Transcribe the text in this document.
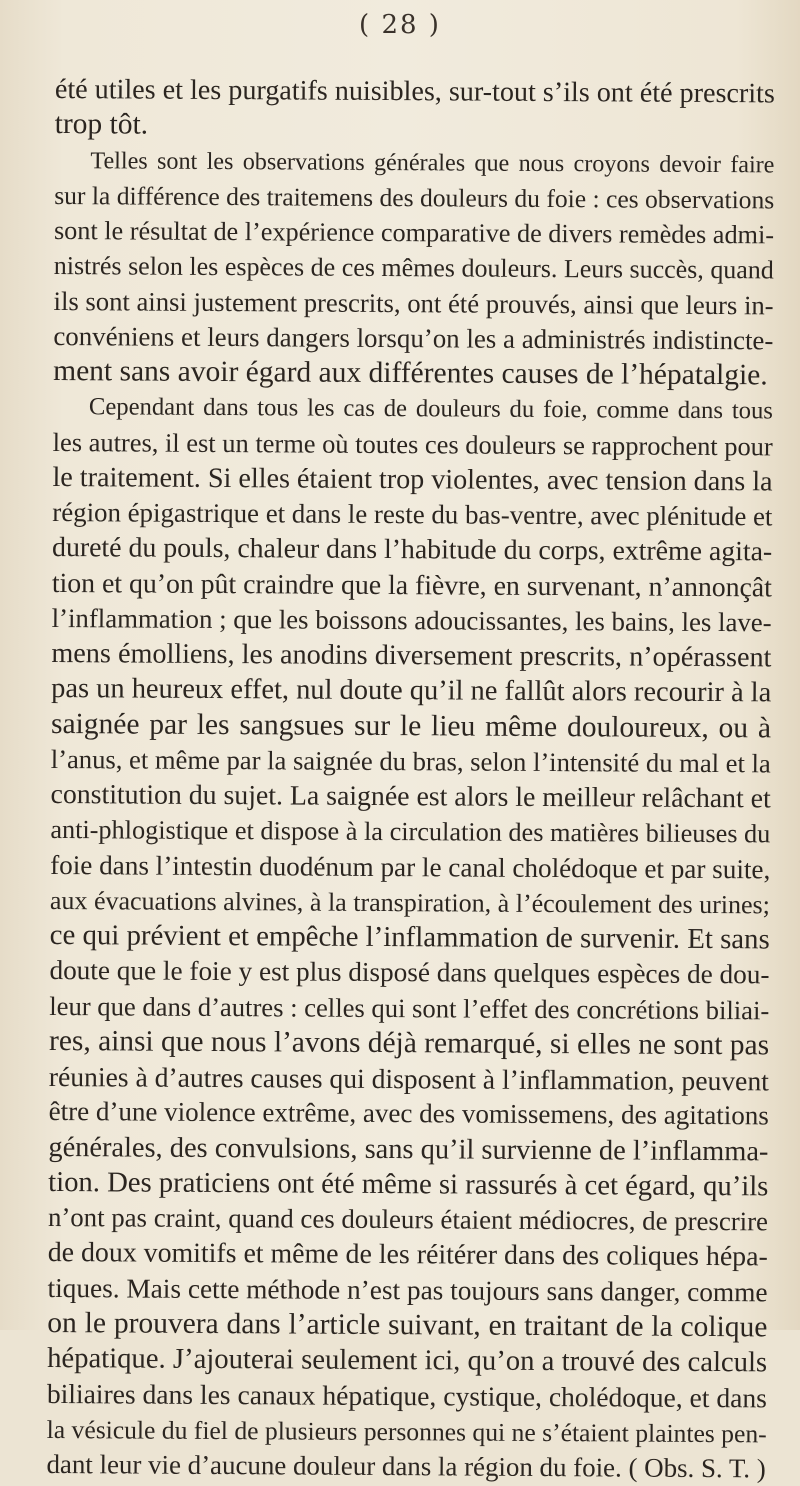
( 28 )

été utiles et les purgatifs nuisibles, sur-tout s’ils ont été prescrits
trop tôt.

Telles sont les observations générales que nous croyons devoir faire
sur la différence des traitemens des douleurs du foie : ces observations
sont le résultat de l’expérience comparative de divers remèdes admi-
nistrés selon les espèces de ces mêmes douleurs. Leurs succès, quand
ils sont ainsi justement prescrits, ont été prouvés, ainsi que leurs in-
convéniens et leurs dangers lorsqu’on les a administrés indistincte-
ment sans avoir égard aux différentes causes de l’hépatalgie.

Cependant dans tous les cas de douleurs du foie, comme dans tous
les autres, il est un terme où toutes ces douleurs se rapprochent pour
le traitement. Si elles étaient trop violentes, avec tension dans la
région épigastrique et dans le reste du bas-ventre, avec plénitude et
dureté du pouls, chaleur dans l’habitude du corps, extrême agita-
tion et qu’on pût craindre que la fièvre, en survenant, n’annonçât
l’inflammation ; que les boissons adoucissantes, les bains, les lave-
mens émolliens, les anodins diversement prescrits, n’opérassent
pas un heureux effet, nul doute qu’il ne fallût alors recourir à la
saignée par les sangsues sur le lieu même douloureux, ou à
l’anus, et même par la saignée du bras, selon l’intensité du mal et la
constitution du sujet. La saignée est alors le meilleur relâchant et
anti-phlogistique et dispose à la circulation des matières bilieuses du
foie dans l’intestin duodénum par le canal cholédoque et par suite,
aux évacuations alvines, à la transpiration, à l’écoulement des urines;
ce qui prévient et empêche l’inflammation de survenir. Et sans
doute que le foie y est plus disposé dans quelques espèces de dou-
leur que dans d’autres : celles qui sont l’effet des concrétions biliai-
res, ainsi que nous l’avons déjà remarqué, si elles ne sont pas
réunies à d’autres causes qui disposent à l’inflammation, peuvent
être d’une violence extrême, avec des vomissemens, des agitations
générales, des convulsions, sans qu’il survienne de l’inflamma-
tion. Des praticiens ont été même si rassurés à cet égard, qu’ils
n’ont pas craint, quand ces douleurs étaient médiocres, de prescrire
de doux vomitifs et même de les réitérer dans des coliques hépa-
tiques. Mais cette méthode n’est pas toujours sans danger, comme
on le prouvera dans l’article suivant, en traitant de la colique
hépatique. J’ajouterai seulement ici, qu’on a trouvé des calculs
biliaires dans les canaux hépatique, cystique, cholédoque, et dans
la vésicule du fiel de plusieurs personnes qui ne s’étaient plaintes pen-
dant leur vie d’aucune douleur dans la région du foie. ( Obs. S. T. )
